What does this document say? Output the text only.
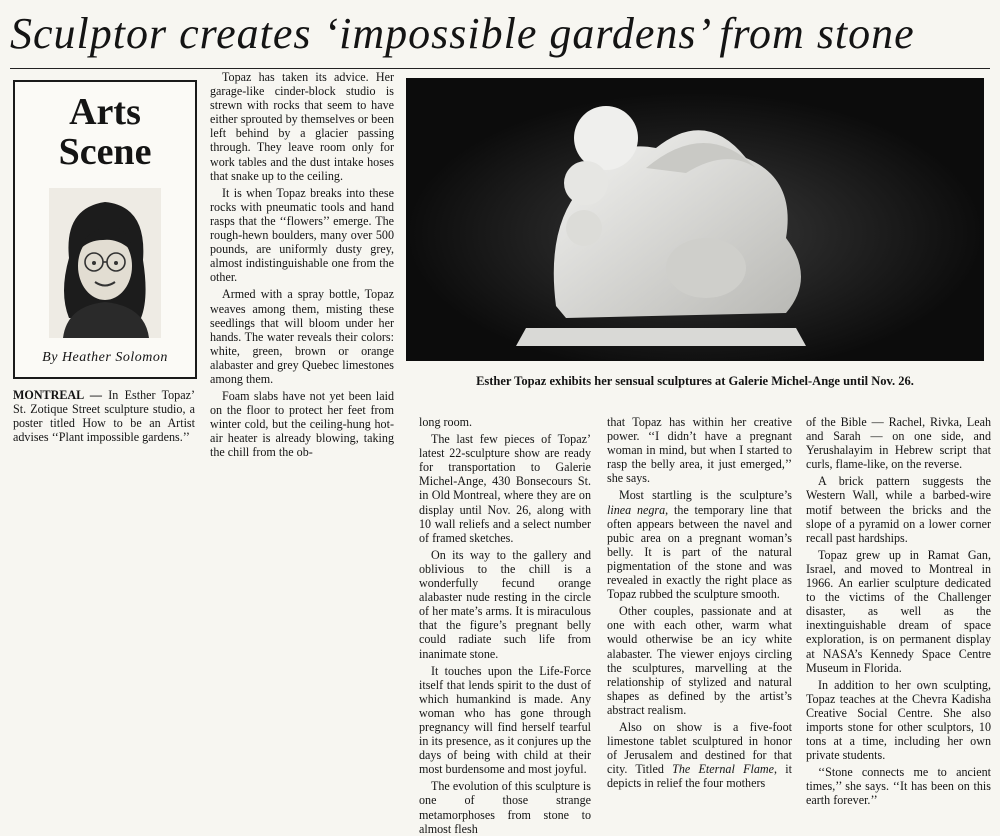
Sculptor creates ‘impossible gardens’ from stone
Arts
Scene
By Heather Solomon

MONTREAL — In Esther Topaz’ St. Zotique Street sculpture studio, a poster titled How to be an Artist advises ‘‘Plant impossible gardens.’’

Topaz has taken its advice. Her garage-like cinder-block studio is strewn with rocks that seem to have either sprouted by themselves or been left behind by a glacier passing through. They leave room only for work tables and the dust intake hoses that snake up to the ceiling.

It is when Topaz breaks into these rocks with pneumatic tools and hand rasps that the ‘‘flowers’’ emerge. The rough-hewn boulders, many over 500 pounds, are uniformly dusty grey, almost indistinguishable one from the other.

Armed with a spray bottle, Topaz weaves among them, misting these seedlings that will bloom under her hands. The water reveals their colors: white, green, brown or orange alabaster and grey Quebec limestones among them.

Foam slabs have not yet been laid on the floor to protect her feet from winter cold, but the ceiling-hung hot-air heater is already blowing, taking the chill from the ob-

Esther Topaz exhibits her sensual sculptures at Galerie Michel-Ange until Nov. 26.

long room.

The last few pieces of Topaz’ latest 22-sculpture show are ready for transportation to Galerie Michel-Ange, 430 Bonsecours St. in Old Montreal, where they are on display until Nov. 26, along with 10 wall reliefs and a select number of framed sketches.

On its way to the gallery and oblivious to the chill is a wonderfully fecund orange alabaster nude resting in the circle of her mate’s arms. It is miraculous that the figure’s pregnant belly could radiate such life from inanimate stone.

It touches upon the Life-Force itself that lends spirit to the dust of which humankind is made. Any woman who has gone through pregnancy will find herself tearful in its presence, as it conjures up the days of being with child at their most burdensome and most joyful.

The evolution of this sculpture is one of those strange metamorphoses from stone to almost flesh

that Topaz has within her creative power. ‘‘I didn’t have a pregnant woman in mind, but when I started to rasp the belly area, it just emerged,’’ she says.

Most startling is the sculpture’s linea negra, the temporary line that often appears between the navel and pubic area on a pregnant woman’s belly. It is part of the natural pigmentation of the stone and was revealed in exactly the right place as Topaz rubbed the sculpture smooth.

Other couples, passionate and at one with each other, warm what would otherwise be an icy white alabaster. The viewer enjoys circling the sculptures, marvelling at the relationship of stylized and natural shapes as defined by the artist’s abstract realism.

Also on show is a five-foot limestone tablet sculptured in honor of Jerusalem and destined for that city. Titled The Eternal Flame, it depicts in relief the four mothers

of the Bible — Rachel, Rivka, Leah and Sarah — on one side, and Yerushalayim in Hebrew script that curls, flame-like, on the reverse.

A brick pattern suggests the Western Wall, while a barbed-wire motif between the bricks and the slope of a pyramid on a lower corner recall past hardships.

Topaz grew up in Ramat Gan, Israel, and moved to Montreal in 1966. An earlier sculpture dedicated to the victims of the Challenger disaster, as well as the inextinguishable dream of space exploration, is on permanent display at NASA’s Kennedy Space Centre Museum in Florida.

In addition to her own sculpting, Topaz teaches at the Chevra Kadisha Creative Social Centre. She also imports stone for other sculptors, 10 tons at a time, including her own private students.

‘‘Stone connects me to ancient times,’’ she says. ‘‘It has been on this earth forever.’’
